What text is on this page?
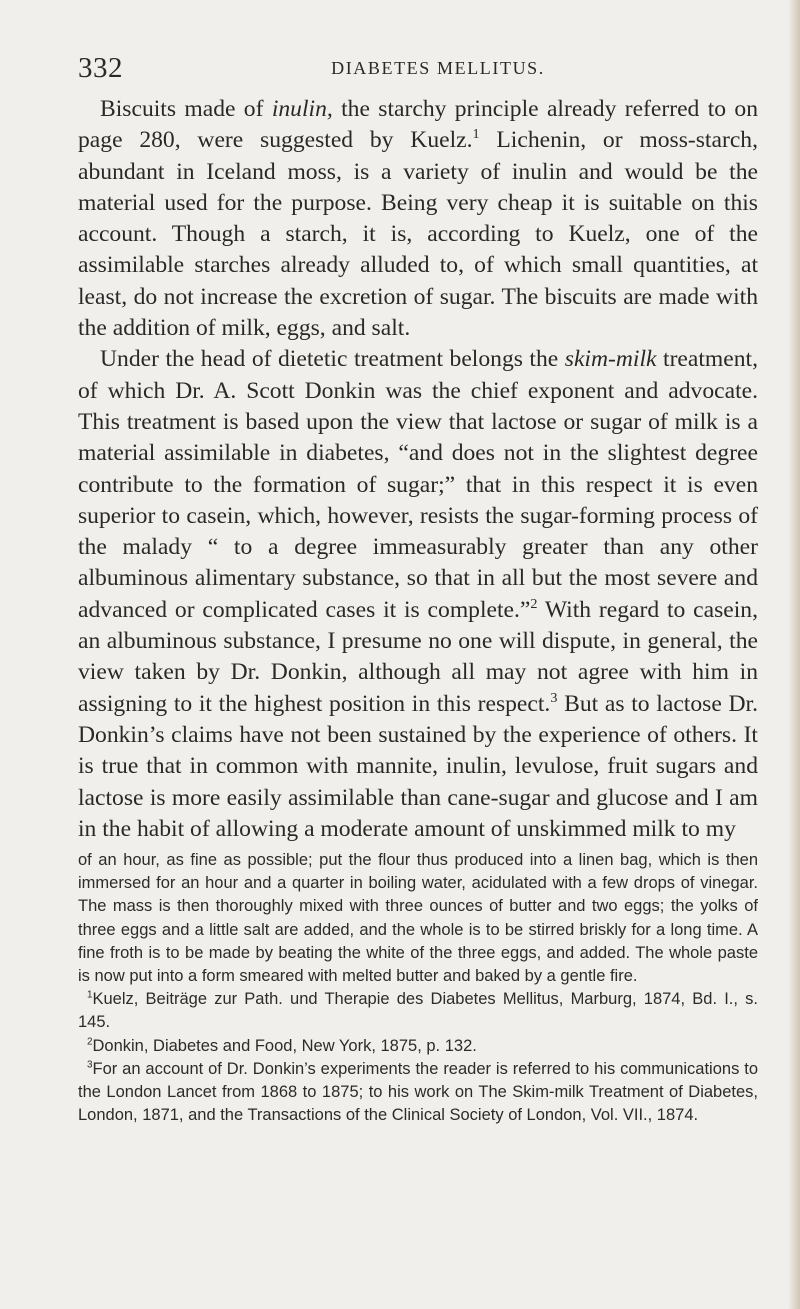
332	DIABETES MELLITUS.

Biscuits made of inulin, the starchy principle already referred to on page 280, were suggested by Kuelz.$^1$ Lichenin, or moss-starch, abundant in Iceland moss, is a variety of inulin and would be the material used for the purpose. Being very cheap it is suitable on this account. Though a starch, it is, according to Kuelz, one of the assimilable starches already alluded to, of which small quantities, at least, do not increase the excretion of sugar. The biscuits are made with the addition of milk, eggs, and salt.

Under the head of dietetic treatment belongs the skim-milk treatment, of which Dr. A. Scott Donkin was the chief exponent and advocate. This treatment is based upon the view that lactose or sugar of milk is a material assimilable in diabetes, “and does not in the slightest degree contribute to the formation of sugar;” that in this respect it is even superior to casein, which, however, resists the sugar-forming process of the malady “ to a degree immeasurably greater than any other albuminous alimentary substance, so that in all but the most severe and advanced or complicated cases it is complete.”$^2$ With regard to casein, an albuminous substance, I presume no one will dispute, in general, the view taken by Dr. Donkin, although all may not agree with him in assigning to it the highest position in this respect.$^3$ But as to lactose Dr. Donkin’s claims have not been sustained by the experience of others. It is true that in common with mannite, inulin, levulose, fruit sugars and lactose is more easily assimilable than cane-sugar and glucose and I am in the habit of allowing a moderate amount of unskimmed milk to my

of an hour, as fine as possible; put the flour thus produced into a linen bag, which is then immersed for an hour and a quarter in boiling water, acidulated with a few drops of vinegar. The mass is then thoroughly mixed with three ounces of butter and two eggs; the yolks of three eggs and a little salt are added, and the whole is to be stirred briskly for a long time. A fine froth is to be made by beating the white of the three eggs, and added. The whole paste is now put into a form smeared with melted butter and baked by a gentle fire.

$^1$Kuelz, Beiträge zur Path. und Therapie des Diabetes Mellitus, Marburg, 1874, Bd. I., s. 145.

$^2$Donkin, Diabetes and Food, New York, 1875, p. 132.

$^3$For an account of Dr. Donkin’s experiments the reader is referred to his communications to the London Lancet from 1868 to 1875; to his work on The Skim-milk Treatment of Diabetes, London, 1871, and the Transactions of the Clinical Society of London, Vol. VII., 1874.
